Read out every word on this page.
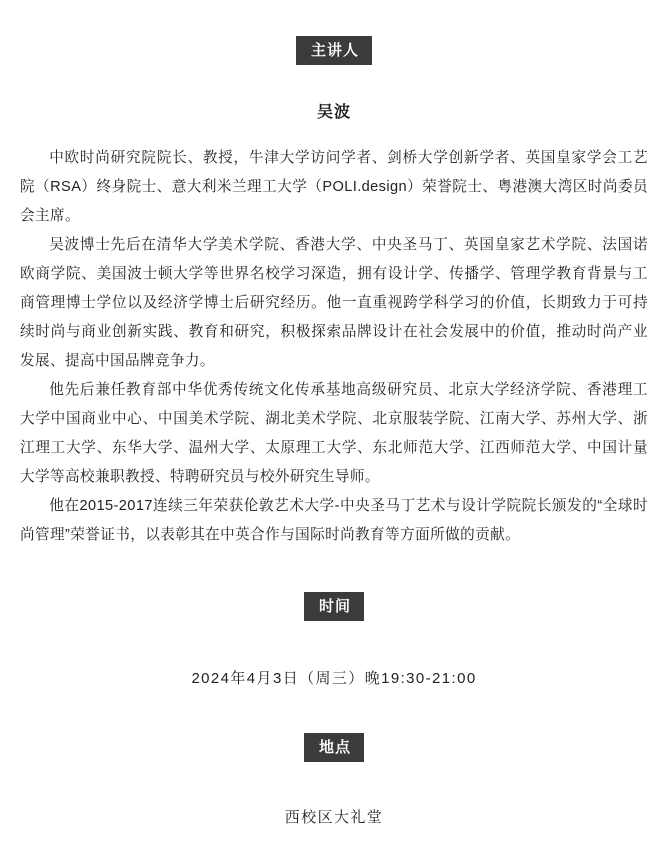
主讲人
吴波

中欧时尚研究院院长、教授，牛津大学访问学者、剑桥大学创新学者、英国皇家学会工艺院（RSA）终身院士、意大利米兰理工大学（POLI.design）荣誉院士、粤港澳大湾区时尚委员会主席。

吴波博士先后在清华大学美术学院、香港大学、中央圣马丁、英国皇家艺术学院、法国诺欧商学院、美国波士顿大学等世界名校学习深造，拥有设计学、传播学、管理学教育背景与工商管理博士学位以及经济学博士后研究经历。他一直重视跨学科学习的价值，长期致力于可持续时尚与商业创新实践、教育和研究，积极探索品牌设计在社会发展中的价值，推动时尚产业发展、提高中国品牌竞争力。

他先后兼任教育部中华优秀传统文化传承基地高级研究员、北京大学经济学院、香港理工大学中国商业中心、中国美术学院、湖北美术学院、北京服装学院、江南大学、苏州大学、浙江理工大学、东华大学、温州大学、太原理工大学、东北师范大学、江西师范大学、中国计量大学等高校兼职教授、特聘研究员与校外研究生导师。

他在2015-2017连续三年荣获伦敦艺术大学-中央圣马丁艺术与设计学院院长颁发的“全球时尚管理”荣誉证书，以表彰其在中英合作与国际时尚教育等方面所做的贡献。

时间
2024年4月3日（周三）晚19:30-21:00
地点
西校区大礼堂
